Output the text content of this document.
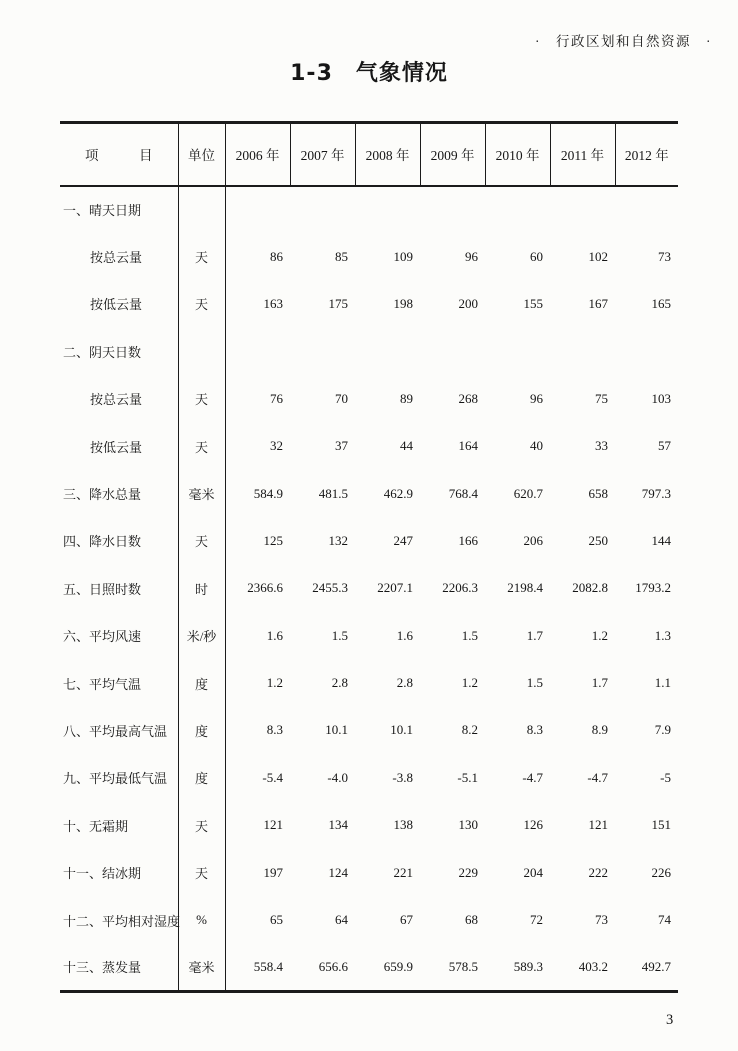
·　行政区划和自然资源　·
1-3　气象情况
项　　　目	单位	2006 年	2007 年	2008 年	2009 年	2010 年	2011 年	2012 年
一、晴天日期								
按总云量	天	86	85	109	96	60	102	73
按低云量	天	163	175	198	200	155	167	165
二、阴天日数								
按总云量	天	76	70	89	268	96	75	103
按低云量	天	32	37	44	164	40	33	57
三、降水总量	毫米	584.9	481.5	462.9	768.4	620.7	658	797.3
四、降水日数	天	125	132	247	166	206	250	144
五、日照时数	时	2366.6	2455.3	2207.1	2206.3	2198.4	2082.8	1793.2
六、平均风速	米/秒	1.6	1.5	1.6	1.5	1.7	1.2	1.3
七、平均气温	度	1.2	2.8	2.8	1.2	1.5	1.7	1.1
八、平均最高气温	度	8.3	10.1	10.1	8.2	8.3	8.9	7.9
九、平均最低气温	度	-5.4	-4.0	-3.8	-5.1	-4.7	-4.7	-5
十、无霜期	天	121	134	138	130	126	121	151
十一、结冰期	天	197	124	221	229	204	222	226
十二、平均相对湿度	%	65	64	67	68	72	73	74
十三、蒸发量	毫米	558.4	656.6	659.9	578.5	589.3	403.2	492.7
3
